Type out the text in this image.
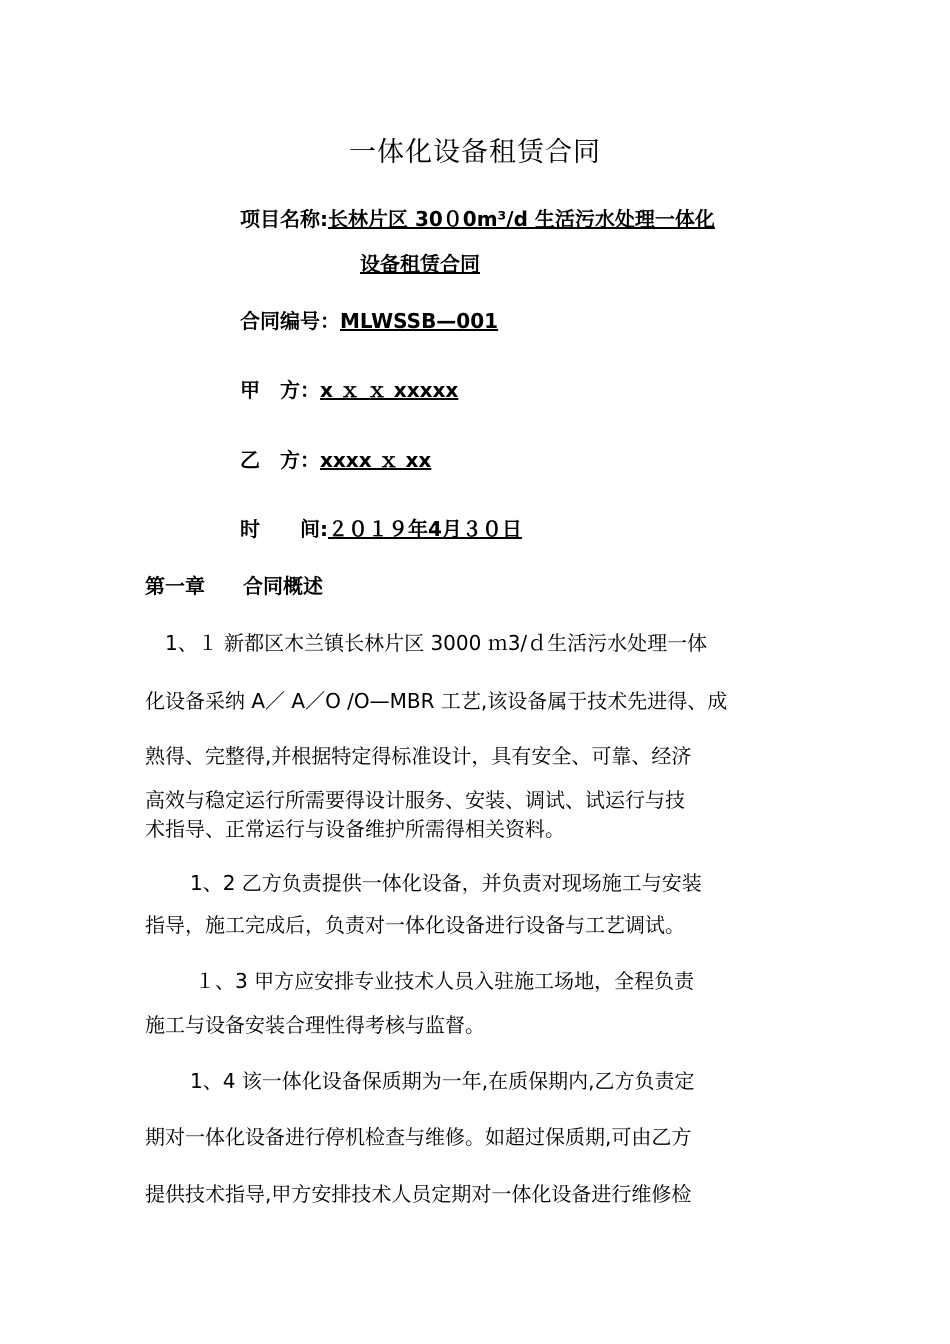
一体化设备租赁合同
项目名称:长林片区 30０0m³/d 生活污水处理一体化
设备租赁合同
合同编号：MLWSSB—001
甲　方：x ｘ ｘ xxxxx
乙　方：xxxx ｘ xx
时　　间:２０１９年4月３０日
第一章 合同概述
1、１ 新都区木兰镇长林片区 3000 ｍ3/ｄ生活污水处理一体
化设备采纳 A／ A／O /O—MBR 工艺,该设备属于技术先进得、成
熟得、完整得,并根据特定得标准设计，具有安全、可靠、经济
高效与稳定运行所需要得设计服务、安装、调试、试运行与技
术指导、正常运行与设备维护所需得相关资料。
1、2 乙方负责提供一体化设备，并负责对现场施工与安装
指导，施工完成后，负责对一体化设备进行设备与工艺调试。
１、3 甲方应安排专业技术人员入驻施工场地，全程负责
施工与设备安装合理性得考核与监督。
1、4 该一体化设备保质期为一年,在质保期内,乙方负责定
期对一体化设备进行停机检查与维修。如超过保质期,可由乙方
提供技术指导,甲方安排技术人员定期对一体化设备进行维修检
